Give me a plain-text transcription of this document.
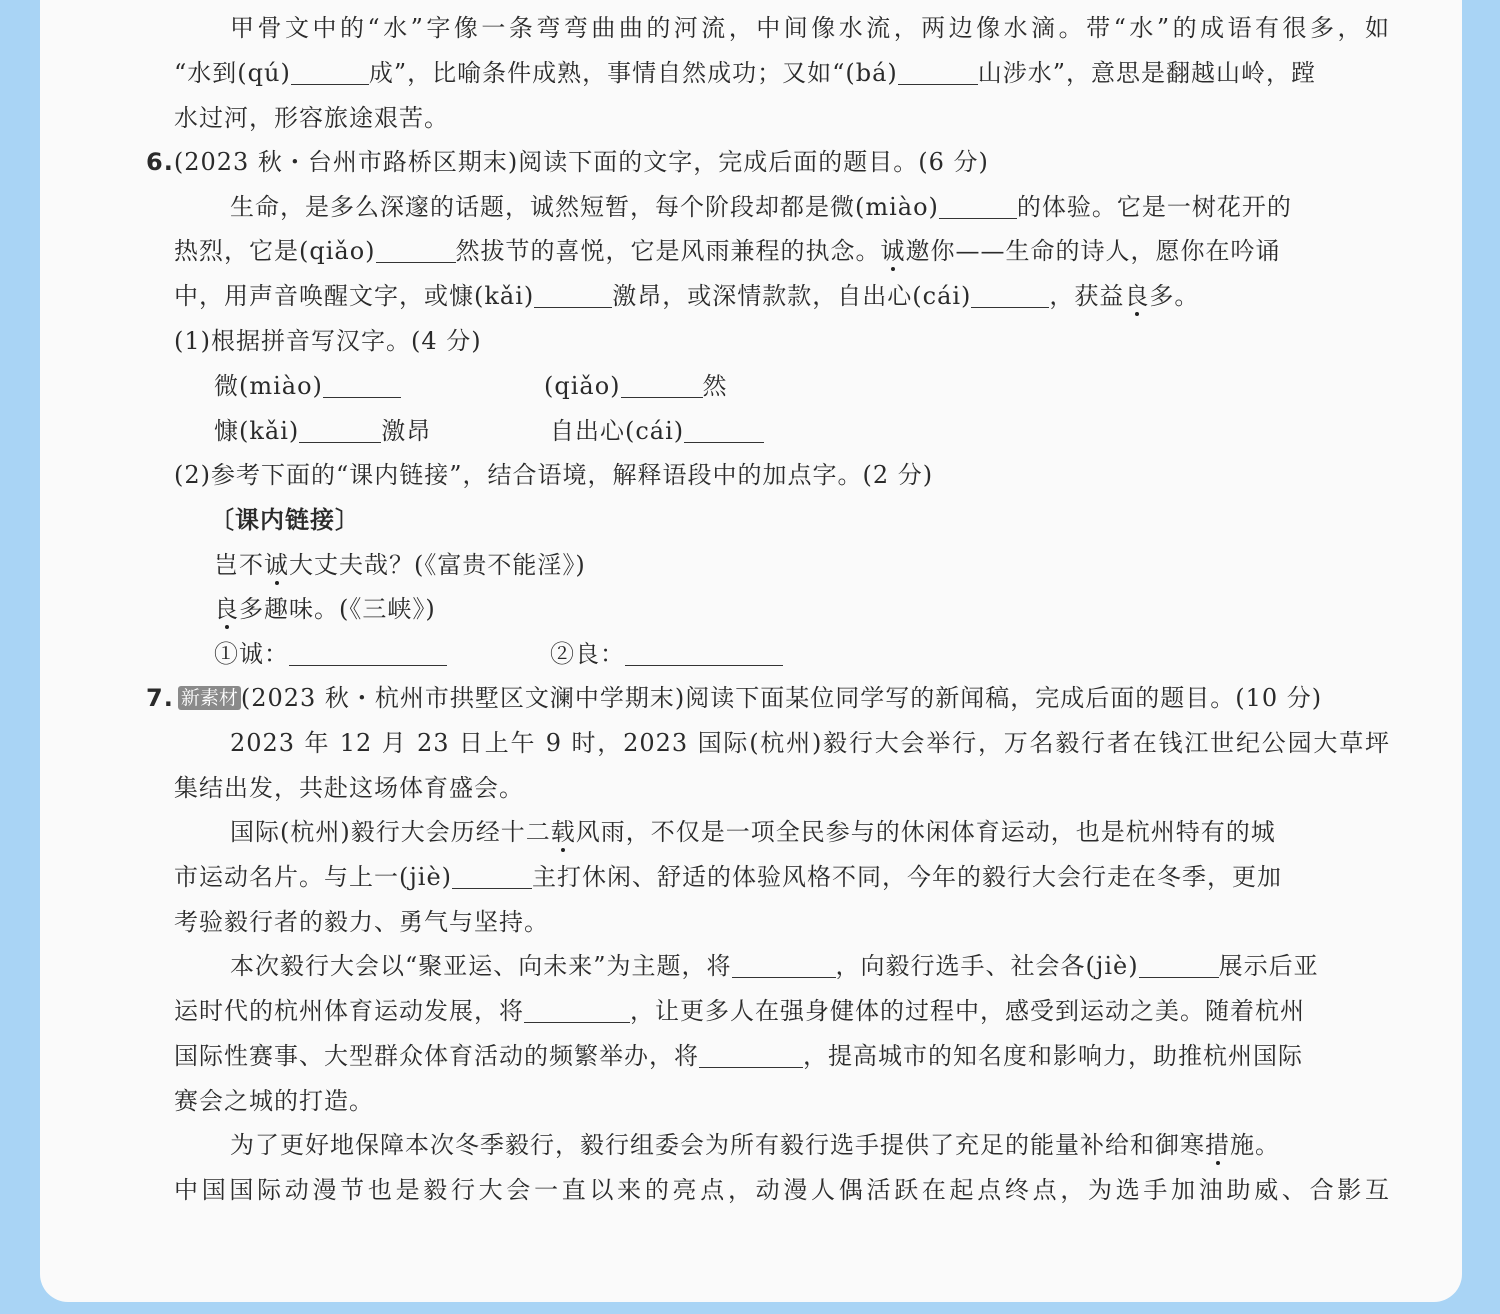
甲骨文中的“水”字像一条弯弯曲曲的河流，中间像水流，两边像水滴。带“水”的成语有很多，如
“水到(qú)	成”，比喻条件成熟，事情自然成功；又如“(bá)	山涉水”，意思是翻越山岭，蹚
水过河，形容旅途艰苦。
6.(2023 秋・台州市路桥区期末)阅读下面的文字，完成后面的题目。(6 分)
生命，是多么深邃的话题，诚然短暂，每个阶段却都是微(miào)	的体验。它是一树花开的
热烈，它是(qiǎo)	然拔节的喜悦，它是风雨兼程的执念。诚邀你——生命的诗人，愿你在吟诵
中，用声音唤醒文字，或慷(kǎi)	激昂，或深情款款，自出心(cái)	，获益良多。
(1)根据拼音写汉字。(4 分)
微(miào)	(qiǎo)	然
慷(kǎi)	激昂	自出心(cái)
(2)参考下面的“课内链接”，结合语境，解释语段中的加点字。(2 分)
〔课内链接〕
岂不诚大丈夫哉？(《富贵不能淫》)
良多趣味。(《三峡》)
①诚：	②良：
7. 新素材 (2023 秋・杭州市拱墅区文澜中学期末)阅读下面某位同学写的新闻稿，完成后面的题目。(10 分)
2023 年 12 月 23 日上午 9 时，2023 国际(杭州)毅行大会举行，万名毅行者在钱江世纪公园大草坪
集结出发，共赴这场体育盛会。
国际(杭州)毅行大会历经十二载风雨，不仅是一项全民参与的休闲体育运动，也是杭州特有的城
市运动名片。与上一(jiè)	主打休闲、舒适的体验风格不同，今年的毅行大会行走在冬季，更加
考验毅行者的毅力、勇气与坚持。
本次毅行大会以“聚亚运、向未来”为主题，将	，向毅行选手、社会各(jiè)	展示后亚
运时代的杭州体育运动发展，将	，让更多人在强身健体的过程中，感受到运动之美。随着杭州
国际性赛事、大型群众体育活动的频繁举办，将	，提高城市的知名度和影响力，助推杭州国际
赛会之城的打造。
为了更好地保障本次冬季毅行，毅行组委会为所有毅行选手提供了充足的能量补给和御寒措施。
中国国际动漫节也是毅行大会一直以来的亮点，动漫人偶活跃在起点终点，为选手加油助威、合影互
